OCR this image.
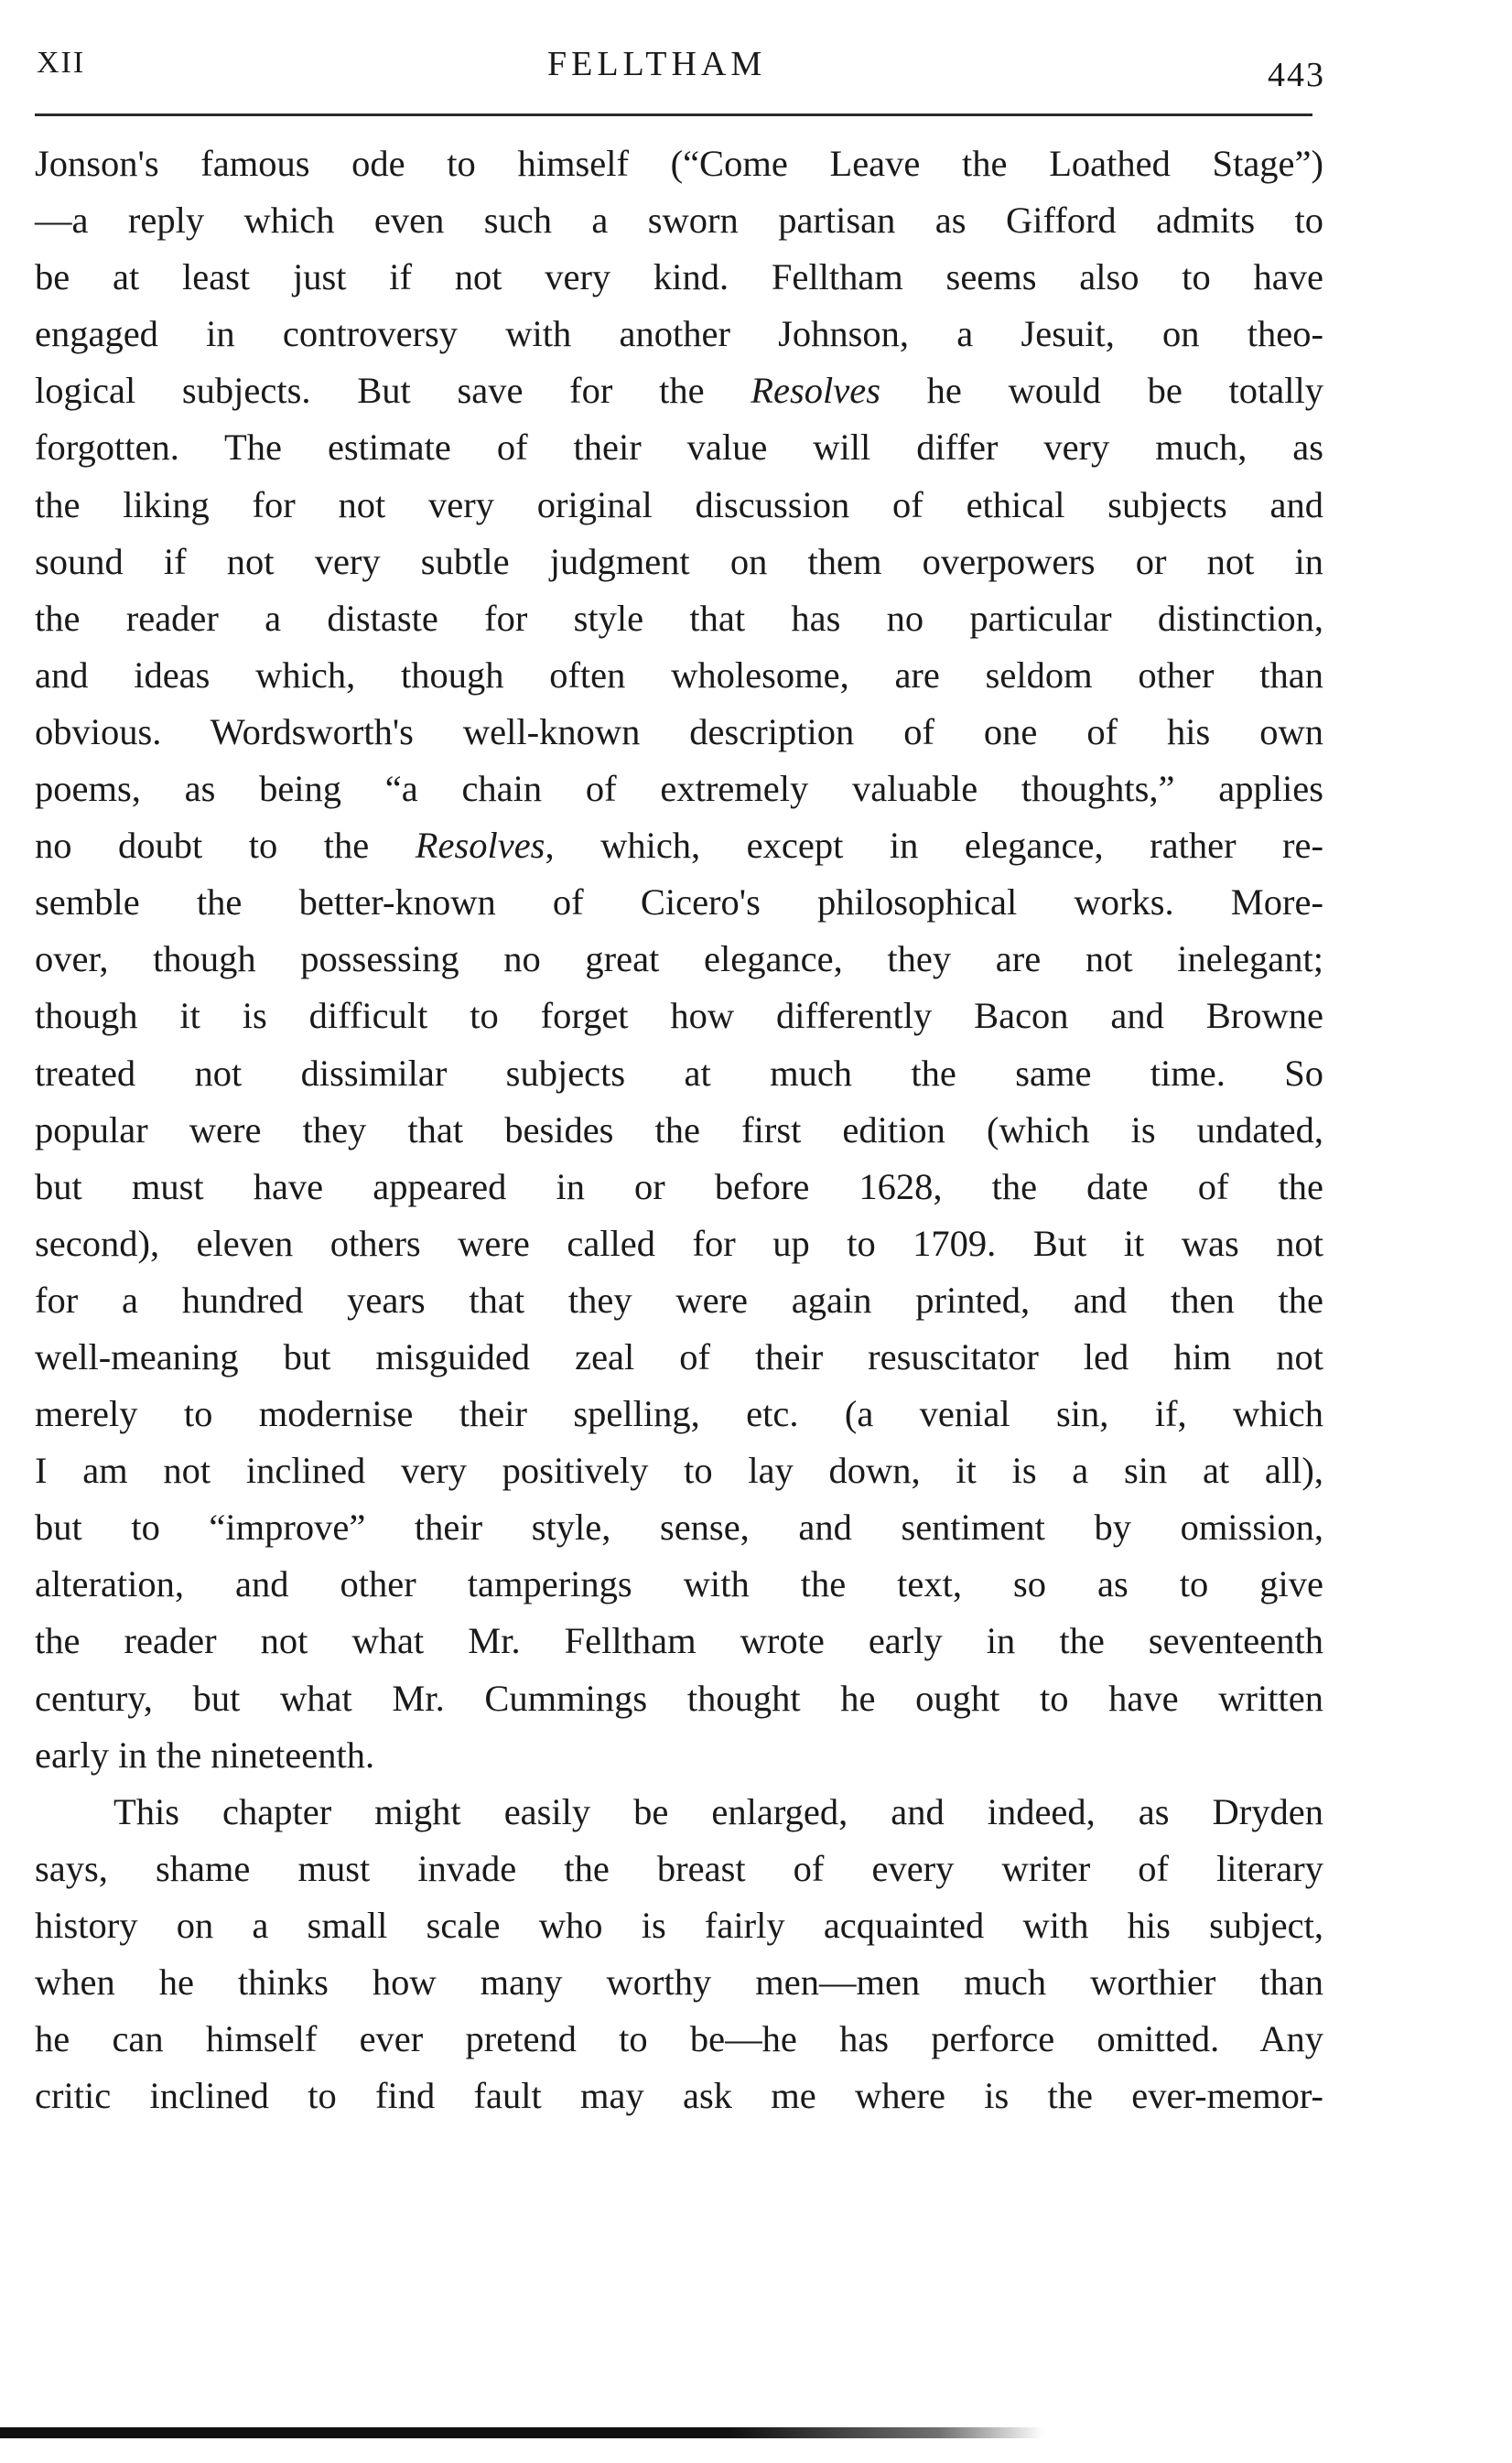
XII	FELLTHAM	443
Jonson's famous ode to himself (“Come Leave the Loathed Stage”)
—a reply which even such a sworn partisan as Gifford admits to
be at least just if not very kind. Felltham seems also to have
engaged in controversy with another Johnson, a Jesuit, on theo-
logical subjects. But save for the Resolves he would be totally
forgotten. The estimate of their value will differ very much, as
the liking for not very original discussion of ethical subjects and
sound if not very subtle judgment on them overpowers or not in
the reader a distaste for style that has no particular distinction,
and ideas which, though often wholesome, are seldom other than
obvious. Wordsworth's well-known description of one of his own
poems, as being “a chain of extremely valuable thoughts,” applies
no doubt to the Resolves, which, except in elegance, rather re-
semble the better-known of Cicero's philosophical works. More-
over, though possessing no great elegance, they are not inelegant;
though it is difficult to forget how differently Bacon and Browne
treated not dissimilar subjects at much the same time. So
popular were they that besides the first edition (which is undated,
but must have appeared in or before 1628, the date of the
second), eleven others were called for up to 1709. But it was not
for a hundred years that they were again printed, and then the
well-meaning but misguided zeal of their resuscitator led him not
merely to modernise their spelling, etc. (a venial sin, if, which
I am not inclined very positively to lay down, it is a sin at all),
but to “improve” their style, sense, and sentiment by omission,
alteration, and other tamperings with the text, so as to give
the reader not what Mr. Felltham wrote early in the seventeenth
century, but what Mr. Cummings thought he ought to have written
early in the nineteenth.
This chapter might easily be enlarged, and indeed, as Dryden
says, shame must invade the breast of every writer of literary
history on a small scale who is fairly acquainted with his subject,
when he thinks how many worthy men—men much worthier than
he can himself ever pretend to be—he has perforce omitted. Any
critic inclined to find fault may ask me where is the ever-memor-
